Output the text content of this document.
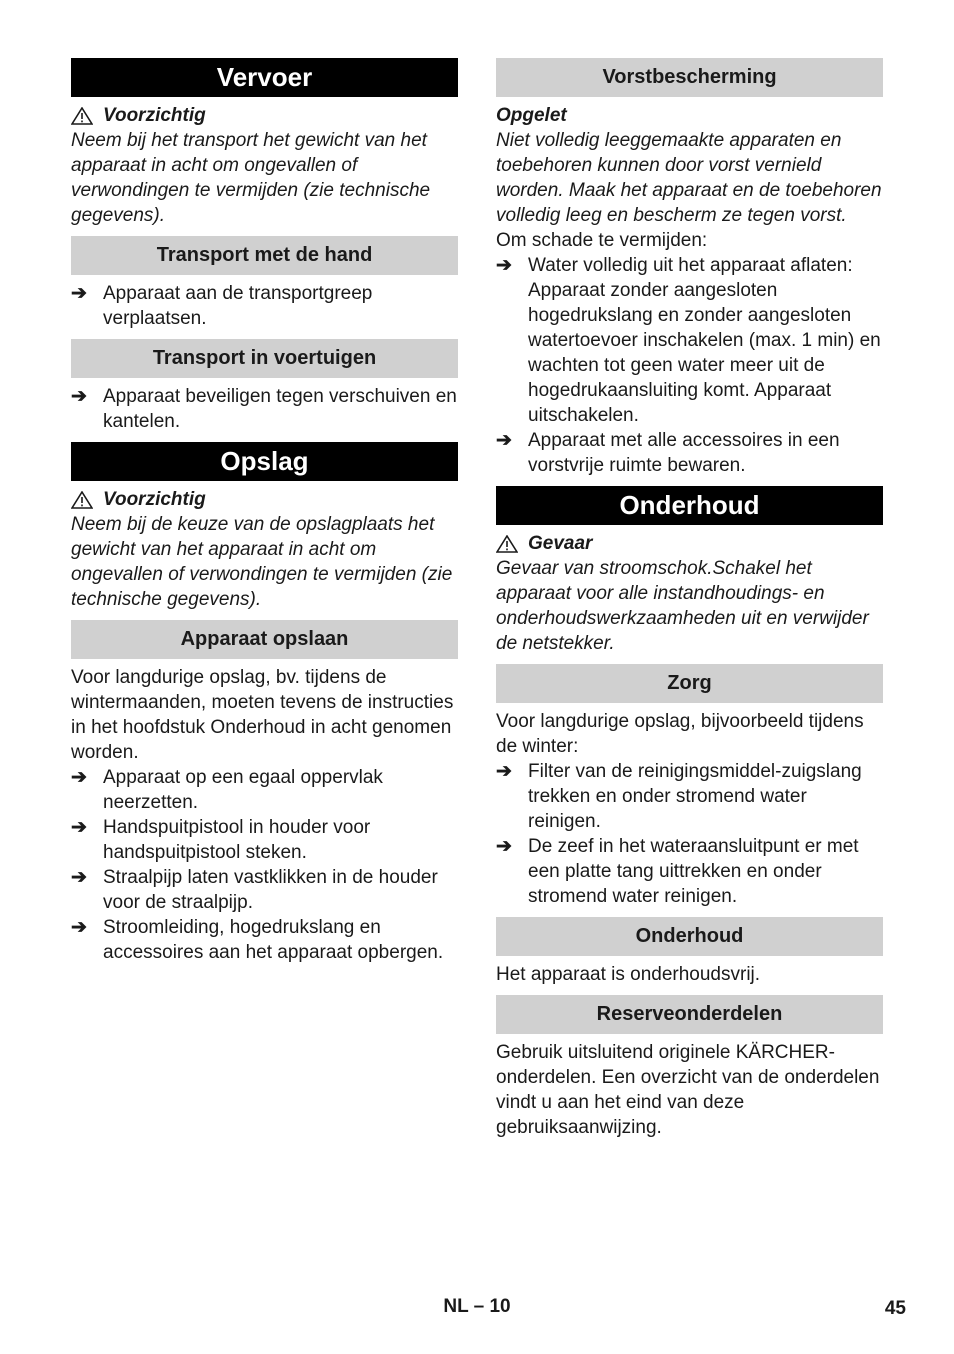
Vervoer
Voorzichtig

Neem bij het transport het gewicht van het apparaat in acht om ongevallen of verwondingen te vermijden (zie technische gegevens).

Transport met de hand
➔ Apparaat aan de transportgreep verplaatsen.
Transport in voertuigen
➔ Apparaat beveiligen tegen verschuiven en kantelen.
Opslag
Voorzichtig

Neem bij de keuze van de opslagplaats het gewicht van het apparaat in acht om ongevallen of verwondingen te vermijden (zie technische gegevens).

Apparaat opslaan

Voor langdurige opslag, bv. tijdens de wintermaanden, moeten tevens de instructies in het hoofdstuk Onderhoud in acht genomen worden.

➔ Apparaat op een egaal oppervlak neerzetten.
➔ Handspuitpistool in houder voor handspuitpistool steken.
➔ Straalpijp laten vastklikken in de houder voor de straalpijp.
➔ Stroomleiding, hogedrukslang en accessoires aan het apparaat opbergen.
Vorstbescherming
Opgelet

Niet volledig leeggemaakte apparaten en toebehoren kunnen door vorst vernield worden. Maak het apparaat en de toebehoren volledig leeg en bescherm ze tegen vorst.

Om schade te vermijden:

➔ Water volledig uit het apparaat aflaten: Apparaat zonder aangesloten hogedrukslang en zonder aangesloten watertoevoer inschakelen (max. 1 min) en wachten tot geen water meer uit de hogedrukaansluiting komt. Apparaat uitschakelen.
➔ Apparaat met alle accessoires in een vorstvrije ruimte bewaren.
Onderhoud
Gevaar

Gevaar van stroomschok.Schakel het apparaat voor alle instandhoudings- en onderhoudswerkzaamheden uit en verwijder de netstekker.

Zorg

Voor langdurige opslag, bijvoorbeeld tijdens de winter:

➔ Filter van de reinigingsmiddel-zuigslang trekken en onder stromend water reinigen.
➔ De zeef in het wateraansluitpunt er met een platte tang uittrekken en onder stromend water reinigen.
Onderhoud

Het apparaat is onderhoudsvrij.

Reserveonderdelen

Gebruik uitsluitend originele KÄRCHER-onderdelen. Een overzicht van de onderdelen vindt u aan het eind van deze gebruiksaanwijzing.

NL – 10	45
